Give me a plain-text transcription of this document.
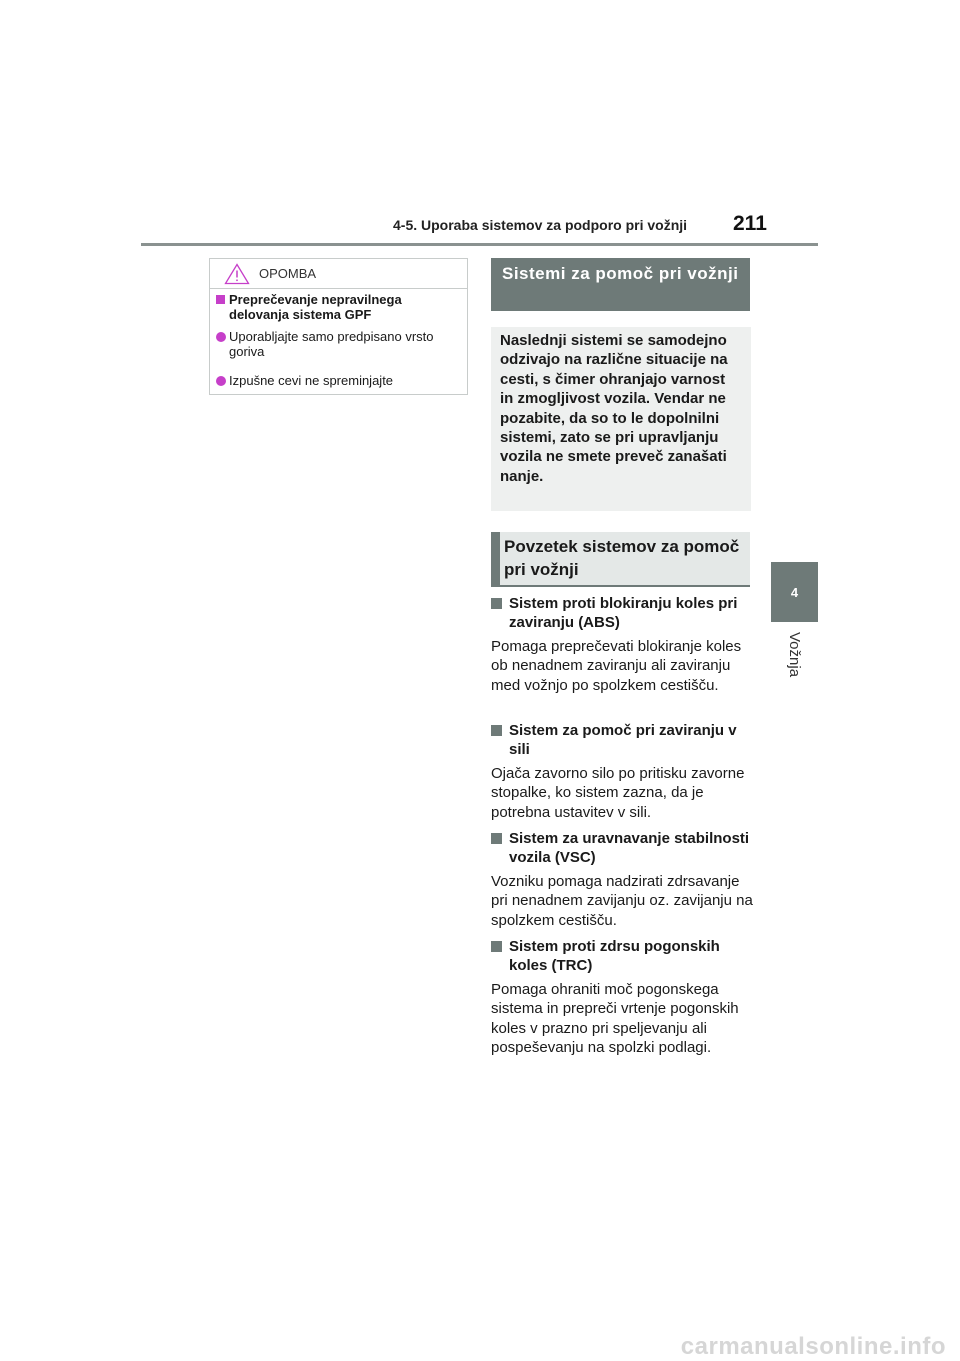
4-5. Uporaba sistemov za podporo pri vožnji 211
4
Vožnja
OPOMBA
Preprečevanje nepravilnega delovanja sistema GPF
Uporabljajte samo predpisano vrsto goriva
Izpušne cevi ne spreminjajte
Sistemi za pomoč pri vožnji
Naslednji sistemi se samodejno odzivajo na različne situacije na cesti, s čimer ohranjajo varnost in zmogljivost vozila. Vendar ne pozabite, da so to le dopolnilni sistemi, zato se pri upravljanju vozila ne smete preveč zanašati nanje.
Povzetek sistemov za pomoč pri vožnji
Sistem proti blokiranju koles pri zaviranju (ABS)
Pomaga preprečevati blokiranje koles ob nenadnem zaviranju ali zaviranju med vožnjo po spolzkem cestišču.
Sistem za pomoč pri zaviranju v sili
Ojača zavorno silo po pritisku zavorne stopalke, ko sistem zazna, da je potrebna ustavitev v sili.
Sistem za uravnavanje stabilnosti vozila (VSC)
Vozniku pomaga nadzirati zdrsavanje pri nenadnem zavijanju oz. zavijanju na spolzkem cestišču.
Sistem proti zdrsu pogonskih koles (TRC)
Pomaga ohraniti moč pogonskega sistema in prepreči vrtenje pogonskih koles v prazno pri speljevanju ali pospeševanju na spolzki podlagi.
carmanualsonline.info
